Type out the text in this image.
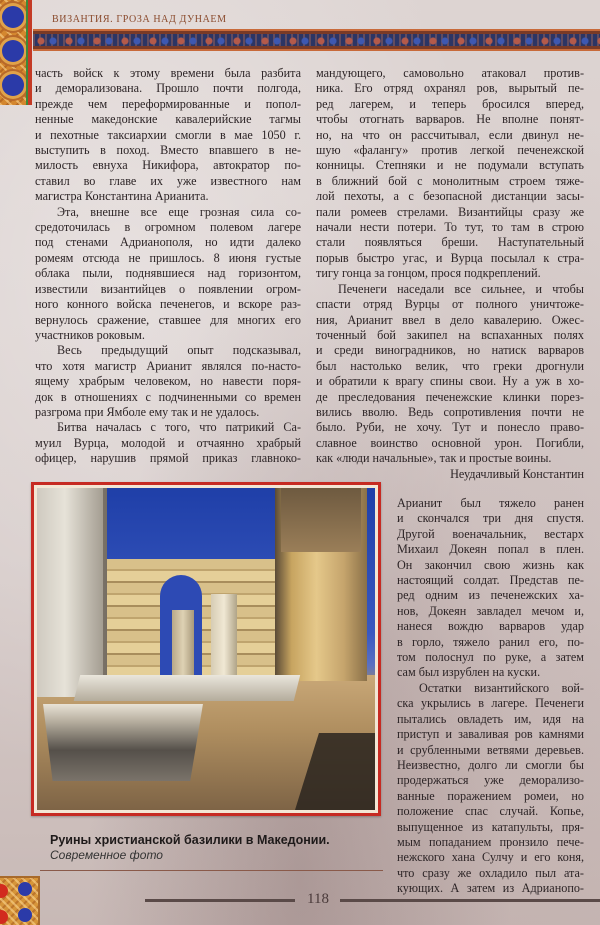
ВИЗАНТИЯ. ГРОЗА НАД ДУНАЕМ
часть войск к этому времени была разбита
и деморализована. Прошло почти полгода,
прежде чем переформированные и попол-
ненные македонские кавалерийские тагмы
и пехотные таксиархии смогли в мае 1050 г.
выступить в поход. Вместо впавшего в не-
милость евнуха Никифора, автократор по-
ставил во главе их уже известного нам
магистра Константина Арианита.
Эта, внешне все еще грозная сила со-
средоточилась в огромном полевом лагере
под стенами Адрианополя, но идти далеко
ромеям отсюда не пришлось. 8 июня густые
облака пыли, поднявшиеся над горизонтом,
известили византийцев о появлении огром-
ного конного войска печенегов, и вскоре раз-
вернулось сражение, ставшее для многих его
участников роковым.
Весь предыдущий опыт подсказывал,
что хотя магистр Арианит являлся по-насто-
ящему храбрым человеком, но навести поря-
док в отношениях с подчиненными со времен
разгрома при Ямболе ему так и не удалось.
Битва началась с того, что патрикий Са-
муил Вурца, молодой и отчаянно храбрый
офицер, нарушив прямой приказ главноко-
мандующего, самовольно атаковал против-
ника. Его отряд охранял ров, вырытый пе-
ред лагерем, и теперь бросился вперед,
чтобы отогнать варваров. Не вполне понят-
но, на что он рассчитывал, если двинул не-
шую «фалангу» против легкой печенежской
конницы. Степняки и не подумали вступать
в ближний бой с монолитным строем тяже-
лой пехоты, а с безопасной дистанции засы-
пали ромеев стрелами. Византийцы сразу же
начали нести потери. То тут, то там в строю
стали появляться бреши. Наступательный
порыв быстро угас, и Вурца посылал к стра-
тигу гонца за гонцом, прося подкреплений.
Печенеги наседали все сильнее, и чтобы
спасти отряд Вурцы от полного уничтоже-
ния, Арианит ввел в дело кавалерию. Ожес-
точенный бой закипел на вспаханных полях
и среди виноградников, но натиск варваров
был настолько велик, что греки дрогнули
и обратили к врагу спины свои. Ну а уж в хо-
де преследования печенежские клинки порез-
вились вволю. Ведь сопротивления почти не
было. Руби, не хочу. Тут и понесло право-
славное воинство основной урон. Погибли,
как «люди начальные», так и простые воины.
Неудачливый Константин
Арианит был тяжело ранен
и скончался три дня спустя.
Другой военачальник, вестарх
Михаил Докеян попал в плен.
Он закончил свою жизнь как
настоящий солдат. Представ пе-
ред одним из печенежских ха-
нов, Докеян завладел мечом и,
нанеся вождю варваров удар
в горло, тяжело ранил его, по-
том полоснул по руке, а затем
сам был изрублен на куски.
Остатки византийского вой-
ска укрылись в лагере. Печенеги
пытались овладеть им, идя на
приступ и заваливая ров камнями
и срубленными ветвями деревьев.
Неизвестно, долго ли смогли бы
продержаться уже деморализо-
ванные поражением ромеи, но
положение спас случай. Копье,
выпущенное из катапульты, пря-
мым попаданием пронзило пече-
нежского хана Сулчу и его коня,
что сразу же охладило пыл ата-
кующих. А затем из Адрианопо-
Руины христианской базилики в Македонии.
Современное фото
118
